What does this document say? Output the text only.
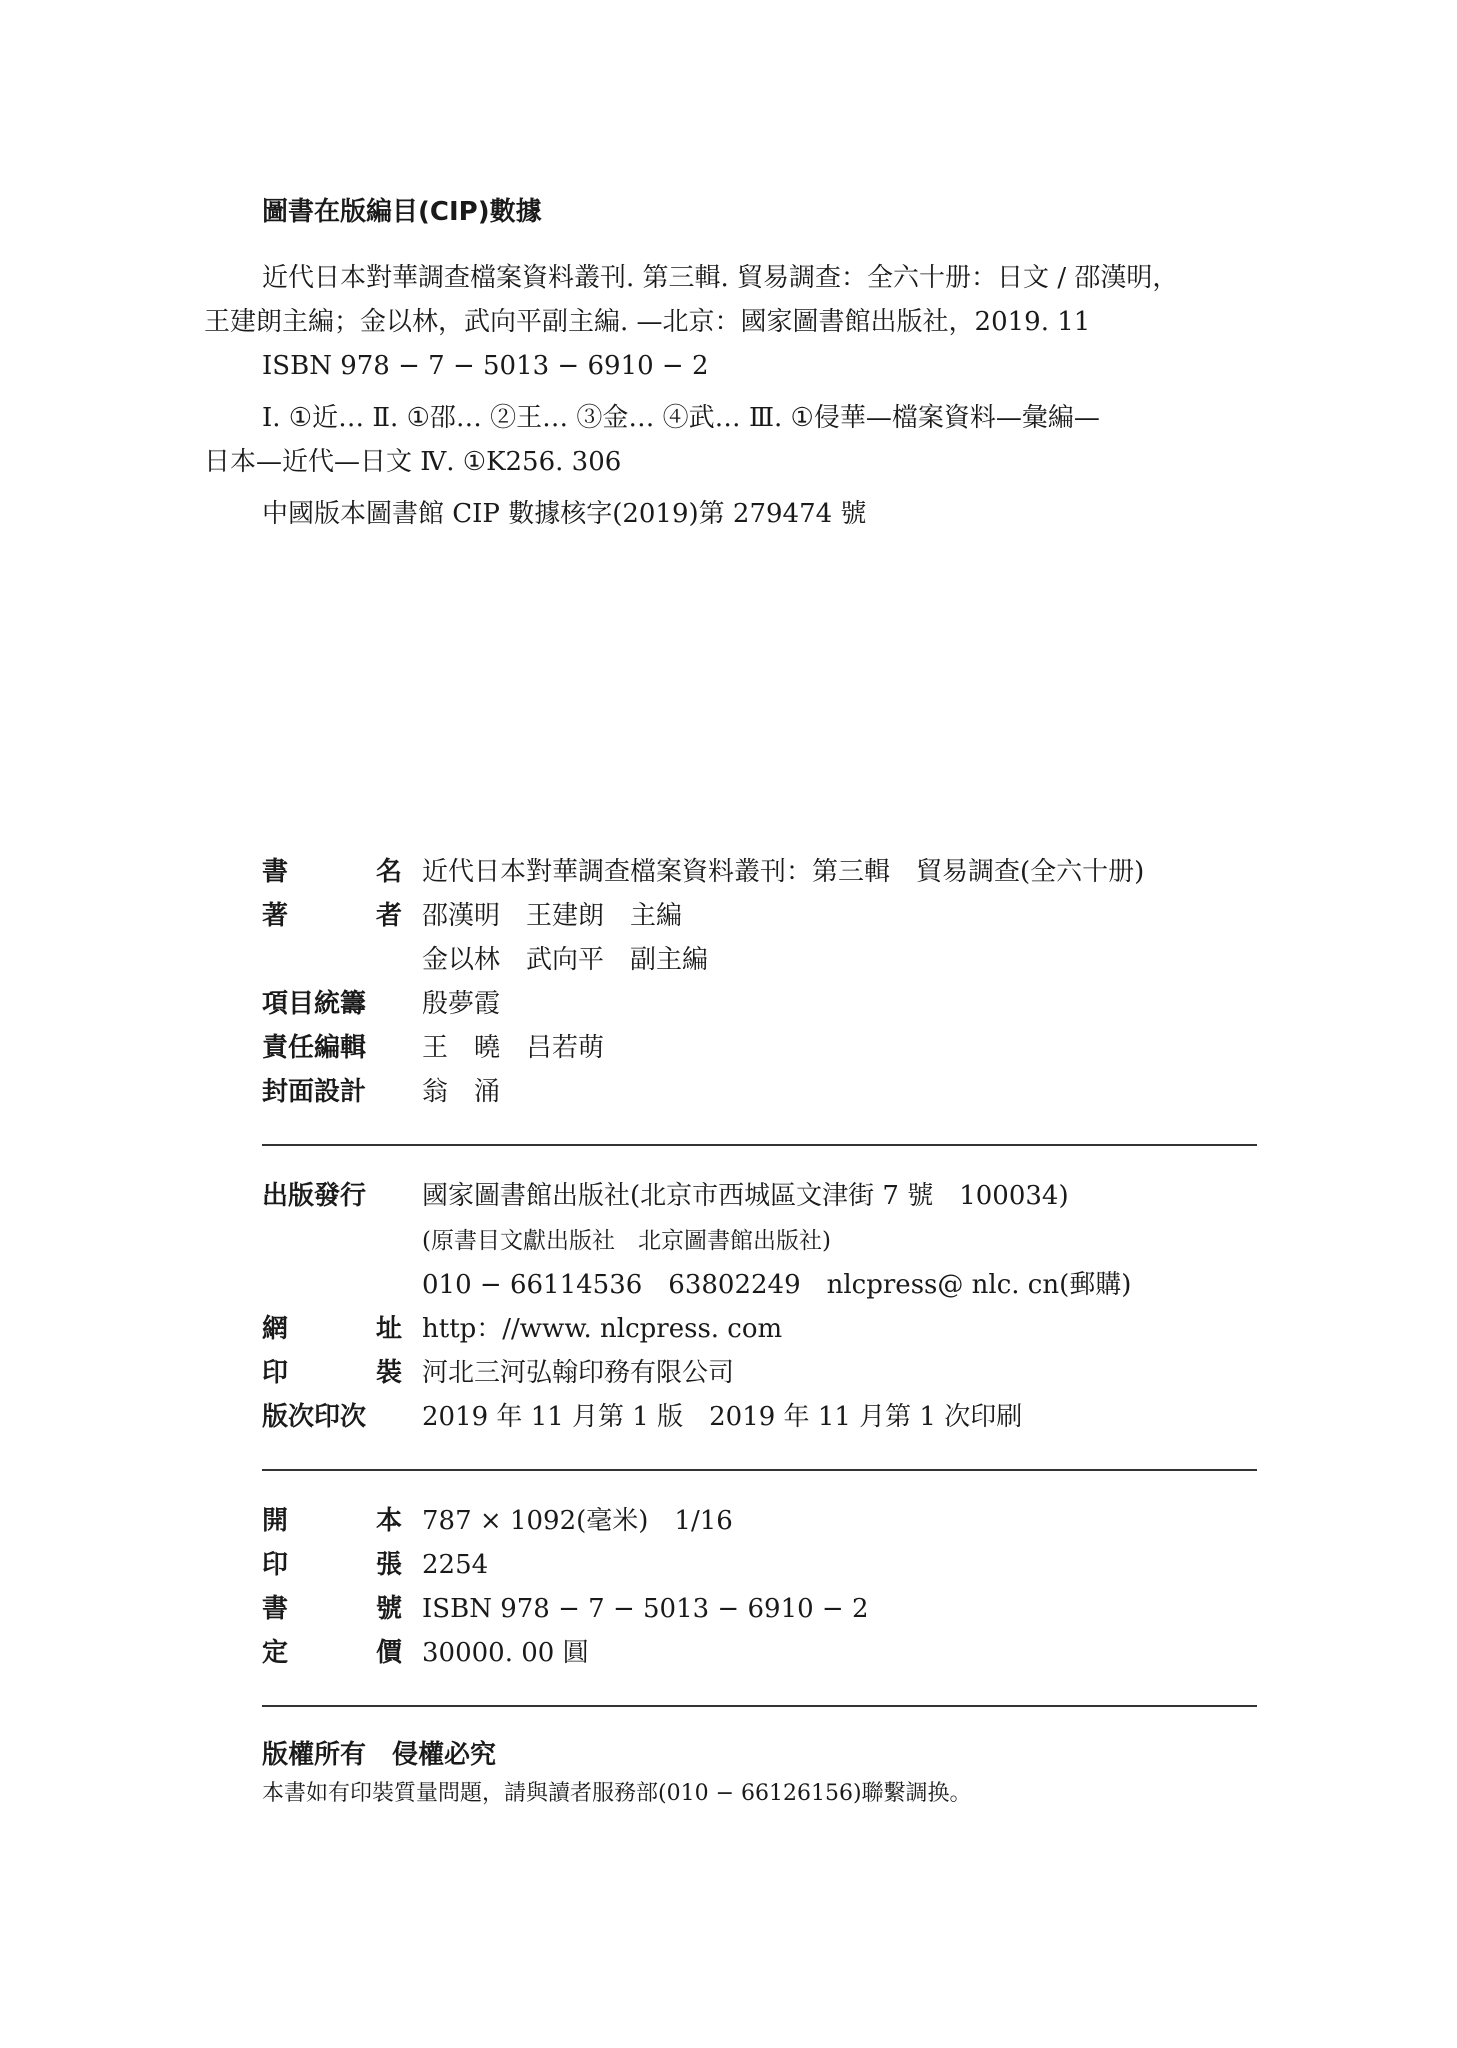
圖書在版編目(CIP)數據
近代日本對華調查檔案資料叢刊. 第三輯. 貿易調查：全六十册：日文 / 邵漢明，
王建朗主編；金以林，武向平副主編. —北京：國家圖書館出版社，2019. 11
ISBN 978 − 7 − 5013 − 6910 − 2
Ⅰ. ①近… Ⅱ. ①邵… ②王… ③金… ④武… Ⅲ. ①侵華—檔案資料—彙編—
日本—近代—日文 Ⅳ. ①K256. 306
中國版本圖書館 CIP 數據核字(2019)第 279474 號
書	名 近代日本對華調查檔案資料叢刊：第三輯　貿易調查(全六十册)
著	者 邵漢明　王建朗　主編
金以林　武向平　副主編
項目統籌	殷夢霞
責任編輯	王　曉　吕若萌
封面設計	翁　涌
出版發行	國家圖書館出版社(北京市西城區文津街 7 號　100034)
(原書目文獻出版社　北京圖書館出版社)
010 − 66114536　63802249　nlcpress@ nlc. cn(郵購)
網	址 http：//www. nlcpress. com
印	裝 河北三河弘翰印務有限公司
版次印次	2019 年 11 月第 1 版　2019 年 11 月第 1 次印刷
開	本 787 × 1092(毫米)　1/16
印	張 2254
書	號 ISBN 978 − 7 − 5013 − 6910 − 2
定	價 30000. 00 圓
版權所有　侵權必究
本書如有印裝質量問題，請與讀者服務部(010 − 66126156)聯繫調换。
